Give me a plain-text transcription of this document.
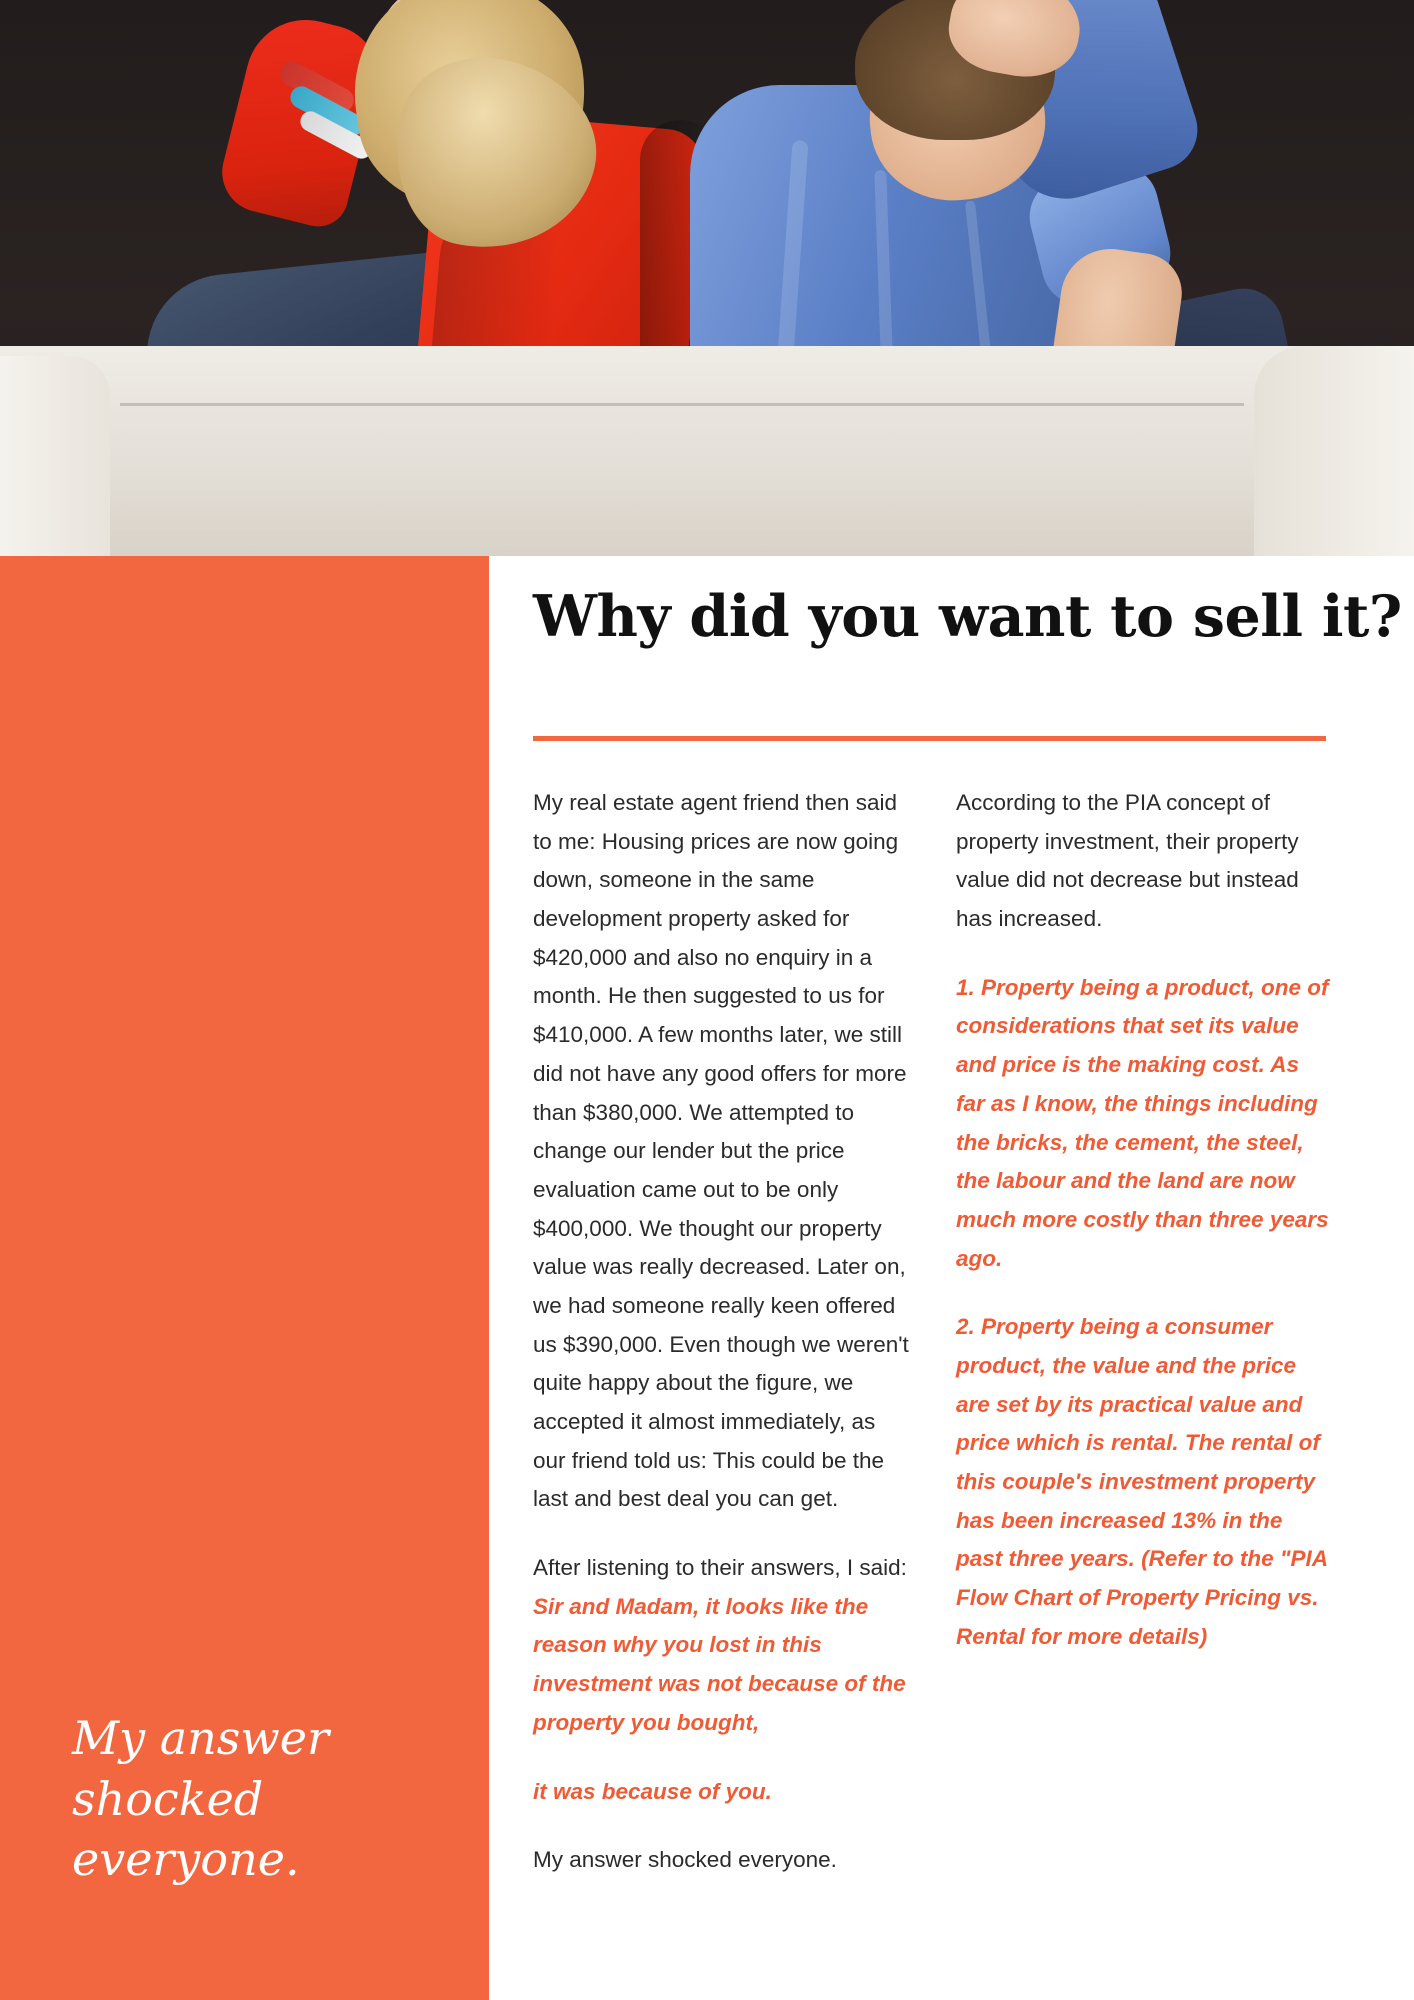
My answer shocked everyone.
Why did you want to sell it?

My real estate agent friend then said to me: Housing prices are now going down, someone in the same development property asked for $420,000 and also no enquiry in a month. He then suggested to us for $410,000. A few months later, we still did not have any good offers for more than $380,000. We attempted to change our lender but the price evaluation came out to be only $400,000. We thought our property value was really decreased. Later on, we had someone really keen offered us $390,000. Even though we weren't quite happy about the figure, we accepted it almost immediately, as our friend told us: This could be the last and best deal you can get.

After listening to their answers, I said: Sir and Madam, it looks like the reason why you lost in this investment was not because of the property you bought,

it was because of you.

My answer shocked everyone.

According to the PIA concept of property investment, their property value did not decrease but instead has increased.

1. Property being a product, one of considerations that set its value and price is the making cost. As far as I know, the things including the bricks, the cement, the steel, the labour and the land are now much more costly than three years ago.

2. Property being a consumer product, the value and the price are set by its practical value and price which is rental. The rental of this couple's investment property has been increased 13% in the past three years. (Refer to the "PIA Flow Chart of Property Pricing vs. Rental for more details)
